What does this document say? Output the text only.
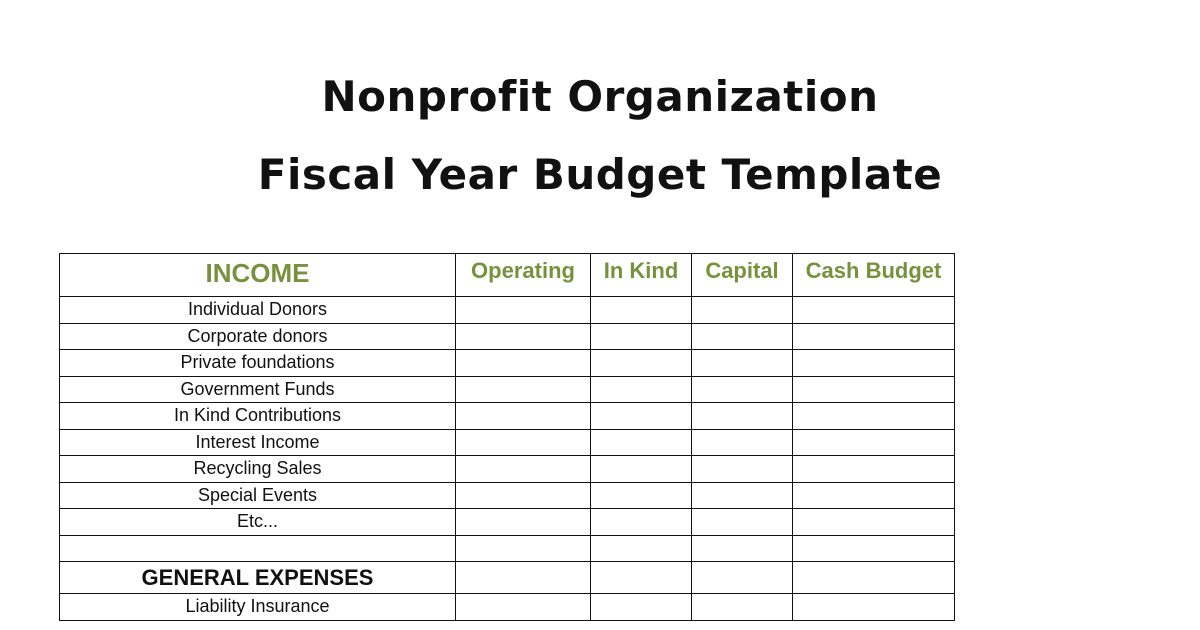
Nonprofit Organization
Fiscal Year Budget Template
INCOME	Operating	In Kind	Capital	Cash Budget
Individual Donors				
Corporate donors				
Private foundations				
Government Funds				
In Kind Contributions				
Interest Income				
Recycling Sales				
Special Events				
Etc...				

GENERAL EXPENSES				
Liability Insurance				
